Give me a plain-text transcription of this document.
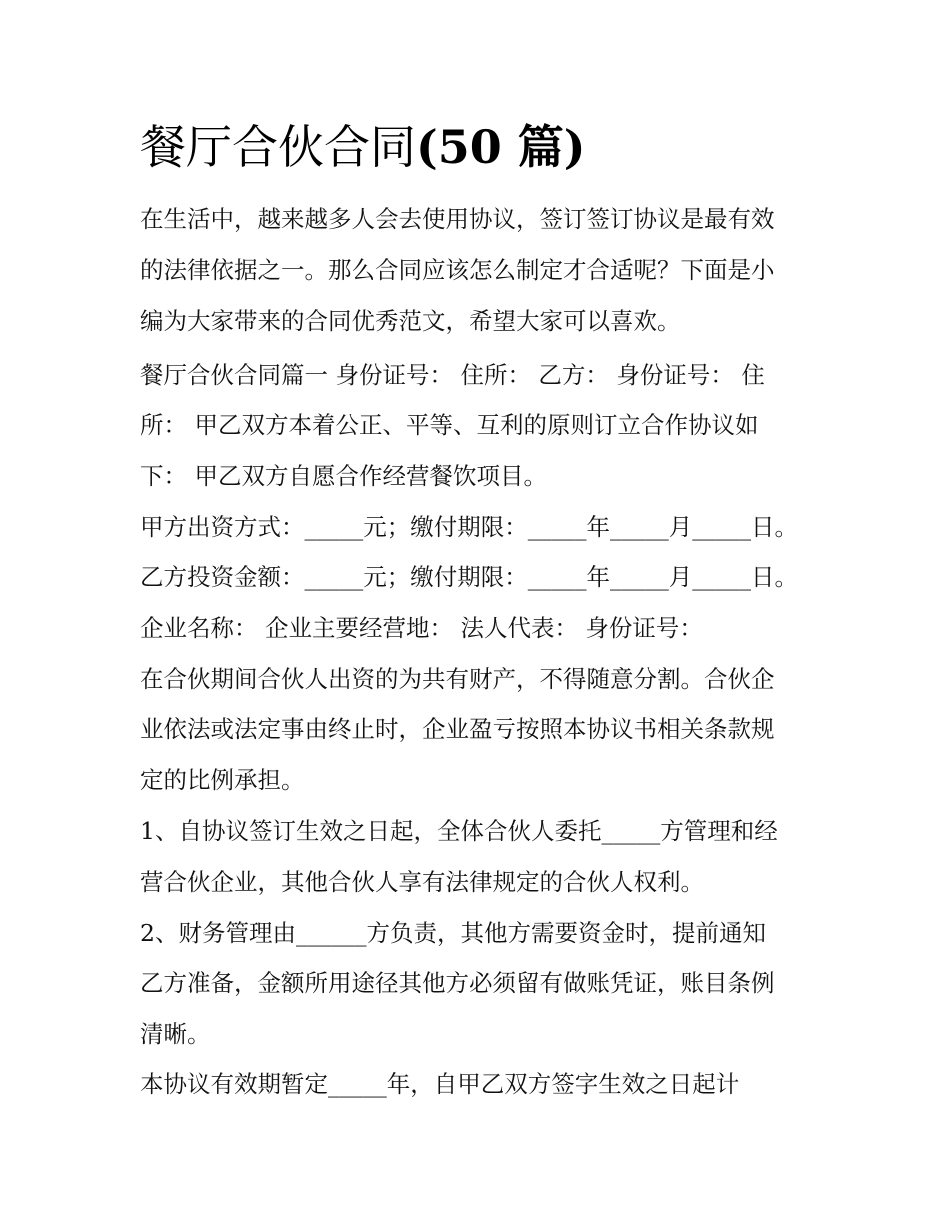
餐厅合伙合同(50 篇)

在生活中，越来越多人会去使用协议，签订签订协议是最有效

的法律依据之一。那么合同应该怎么制定才合适呢？下面是小

编为大家带来的合同优秀范文，希望大家可以喜欢。

餐厅合伙合同篇一 身份证号： 住所： 乙方： 身份证号： 住

所： 甲乙双方本着公正、平等、互利的原则订立合作协议如

下： 甲乙双方自愿合作经营餐饮项目。

甲方出资方式：_____元；缴付期限：_____年_____月_____日。

乙方投资金额：_____元；缴付期限：_____年_____月_____日。

企业名称： 企业主要经营地： 法人代表： 身份证号：

在合伙期间合伙人出资的为共有财产，不得随意分割。合伙企

业依法或法定事由终止时，企业盈亏按照本协议书相关条款规

定的比例承担。

1、自协议签订生效之日起，全体合伙人委托_____方管理和经

营合伙企业，其他合伙人享有法律规定的合伙人权利。

2、财务管理由______方负责，其他方需要资金时，提前通知

乙方准备，金额所用途径其他方必须留有做账凭证，账目条例

清晰。

本协议有效期暂定_____年，自甲乙双方签字生效之日起计
